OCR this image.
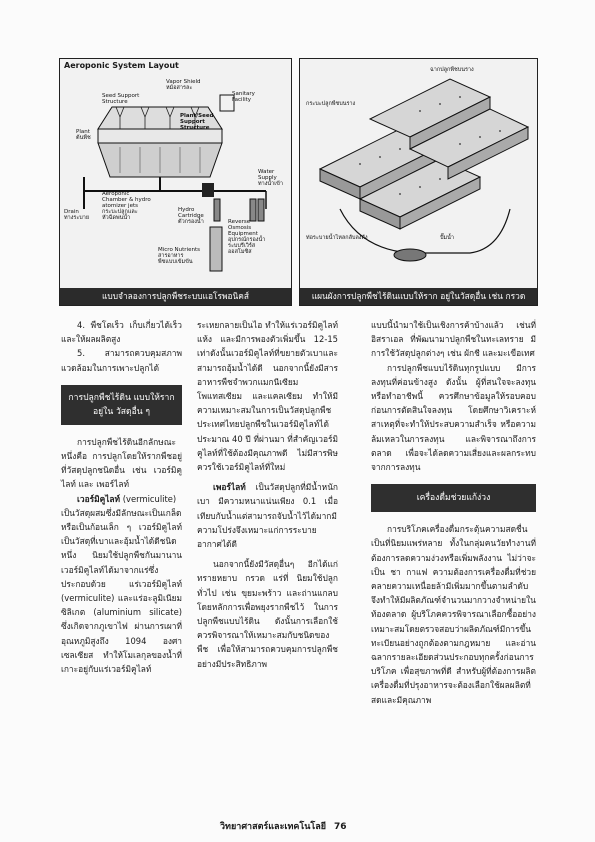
Aeroponic System Layout
Vapor Shield
หม้อสารละ
Seed Support
Structure
Plant/Seed
Support
Structure
Sanitary
Facility
Plant
ต้นพืช
Aeroponic
Chamber & hydro
atomizer jets
กระบะปลูกและ
หัวฉีดพ่นน้ำ
Drain
ทางระบาย
Water
Supply
ทางน้ำเข้า
Hydro
Cartridge
ตัวกรองน้ำ	Reverse
Osmosis
Equipment
อุปกรณ์กรองน้ำ
ระบบรีเวิร์ส
ออสโมซิส
Micro Nutrients
สารอาหาร
พืชแบบเข้มข้น
แบบจำลองการปลูกพืชระบบแอโรพอนิคส์
ฉากปลูกพืชบนราง
กระบะปลูกพืชบนราง
ท่อระบายน้ำไหลกลับลงถัง	ปั๊มน้ำ
แผนผังการปลูกพืชไร้ดินแบบให้ราก อยู่ในวัสดุอื่น เช่น กรวด

4. พืชโตเร็ว เก็บเกี่ยวได้เร็ว และให้ผลผลิตสูง

5. สามารถควบคุมสภาพแวดล้อมในการเพาะปลูกได้

การปลูกพืชไร้ดิน แบบให้รากอยู่ใน วัสดุอื่น ๆ

การปลูกพืชไร้ดินอีกลักษณะหนึ่งคือ การปลูกโดยให้รากพืชอยู่ที่วัสดุปลูกชนิดอื่น เช่น เวอร์มิคูไลท์ และ เพอร์ไลท์

เวอร์มิคูไลท์ (vermiculite)

เป็นวัสดุผสมซึ่งมีลักษณะเป็นเกล็ดหรือเป็นก้อนเล็ก ๆ เวอร์มิคูไลท์เป็นวัสดุที่เบาและอุ้มน้ำได้ดีชนิดหนึ่ง นิยมใช้ปลูกพืชกันมานาน เวอร์มิคูไลท์ได้มาจากแร่ซึ่งประกอบด้วย แร่เวอร์มิคูไลท์ (vermiculite) และแร่อะลูมิเนียมซิลิเกต (aluminium silicate) ซึ่งเกิดจากภูเขาไฟ ผ่านการเผาที่อุณหภูมิสูงถึง 1094 องศาเซลเซียส ทำให้โมเลกุลของน้ำที่เกาะอยู่กับแร่เวอร์มิคูไลท์

ระเหยกลายเป็นไอ ทำให้แร่เวอร์มิคูไลท์แห้ง และมีการพองตัวเพิ่มขึ้น 12-15 เท่าดังนั้นเวอร์มิคูไลท์ที่ขยายตัวเบาและสามารถอุ้มน้ำได้ดี นอกจากนี้ยังมีสารอาหารพืชจำพวกแมกนีเซียม โพแทสเซียม และแคลเซียม ทำให้มีความเหมาะสมในการเป็นวัสดุปลูกพืช ประเทศไทยปลูกพืชในเวอร์มิคูไลท์ได้ประมาณ 40 ปี ที่ผ่านมา ที่สำคัญเวอร์มิคูไลท์ที่ใช้ต้องมีคุณภาพดี ไม่มีสารพิษ ควรใช้เวอร์มิคูไลท์ที่ใหม่

เพอร์ไลท์ เป็นวัสดุปลูกที่มีน้ำหนักเบา มีความหนาแน่นเพียง 0.1 เมื่อเทียบกับน้ำแต่สามารถจับน้ำไว้ได้มากมีความโปร่งจึงเหมาะแก่การระบายอากาศได้ดี

นอกจากนี้ยังมีวัสดุอื่นๆ อีกได้แก่ ทรายหยาบ กรวด แร่ที่ นิยมใช้ปลูกทั่วไป เช่น ขุยมะพร้าว และถ่านแกลบ โดยหลักการเพื่อพยุงรากพืชไว้ ในการปลูกพืชแบบไร้ดิน ดังนั้นการเลือกใช้ควรพิจารณาให้เหมาะสมกับชนิดของพืช เพื่อให้สามารถควบคุมการปลูกพืชอย่างมีประสิทธิภาพ

แบบนี้นำมาใช้เป็นเชิงการค้าบ้างแล้ว เช่นที่อิสราเอล ที่พัฒนามาปลูกพืชในทะเลทราย มีการใช้วัสดุปลูกต่างๆ เช่น ผักชี และมะเขือเทศ

การปลูกพืชแบบไร้ดินทุกรูปแบบ มีการลงทุนที่ค่อนข้างสูง ดังนั้น ผู้ที่สนใจจะลงทุนหรือทำอาชีพนี้ ควรศึกษาข้อมูลให้รอบคอบก่อนการตัดสินใจลงทุน โดยศึกษาวิเคราะห์สาเหตุที่จะทำให้ประสบความสำเร็จ หรือความล้มเหลวในการลงทุน และพิจารณาถึงการตลาด เพื่อจะได้ลดความเสี่ยงและผลกระทบจากการลงทุน

เครื่องดื่มช่วยแก้ง่วง

การบริโภคเครื่องดื่มกระตุ้นความสดชื่นเป็นที่นิยมแพร่หลาย ทั้งในกลุ่มคนวัยทำงานที่ต้องการลดความง่วงหรือเพิ่มพลังงาน ไม่ว่าจะเป็น ชา กาแฟ ความต้องการเครื่องดื่มที่ช่วยคลายความเหนื่อยล้ามีเพิ่มมากขึ้นตามลำดับ จึงทำให้มีผลิตภัณฑ์จำนวนมากวางจำหน่ายในท้องตลาด ผู้บริโภคควรพิจารณาเลือกซื้ออย่างเหมาะสมโดยตรวจสอบว่าผลิตภัณฑ์มีการขึ้นทะเบียนอย่างถูกต้องตามกฎหมาย และอ่านฉลากรายละเอียดส่วนประกอบทุกครั้งก่อนการบริโภค เพื่อสุขภาพที่ดี สำหรับผู้ที่ต้องการผลิตเครื่องดื่มที่ปรุงอาหารจะต้องเลือกใช้ผลผลิตที่สดและมีคุณภาพ

วิทยาศาสตร์และเทคโนโลยี 76
